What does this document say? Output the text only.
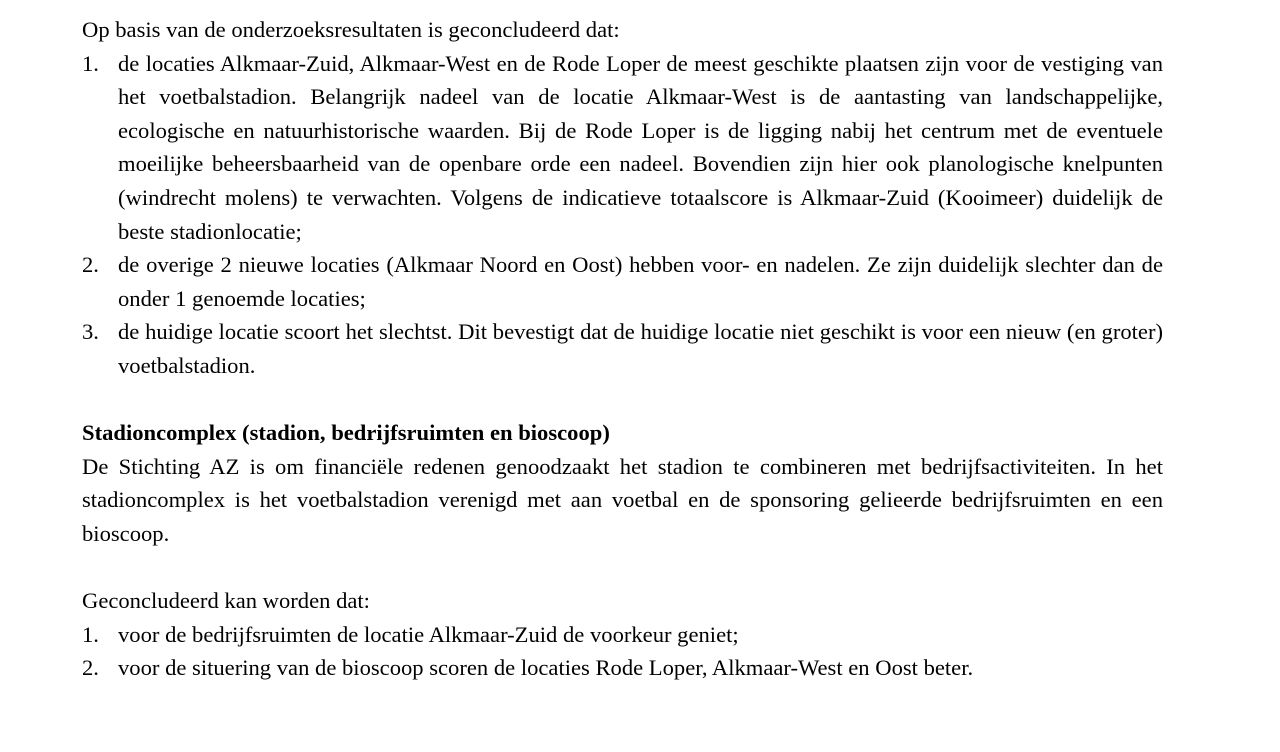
Op basis van de onderzoeksresultaten is geconcludeerd dat:

1. de locaties Alkmaar-Zuid, Alkmaar-West en de Rode Loper de meest geschikte plaatsen zijn voor de vestiging van het voetbalstadion. Belangrijk nadeel van de locatie Alkmaar-West is de aantasting van landschappelijke, ecologische en natuurhistorische waarden. Bij de Rode Loper is de ligging nabij het centrum met de eventuele moeilijke beheersbaarheid van de openbare orde een nadeel. Bovendien zijn hier ook planologische knelpunten (windrecht molens) te verwachten. Volgens de indicatieve totaalscore is Alkmaar-Zuid (Kooimeer) duidelijk de beste stadionlocatie;
2. de overige 2 nieuwe locaties (Alkmaar Noord en Oost) hebben voor- en nadelen. Ze zijn duidelijk slechter dan de onder 1 genoemde locaties;
3. de huidige locatie scoort het slechtst. Dit bevestigt dat de huidige locatie niet geschikt is voor een nieuw (en groter) voetbalstadion.

Stadioncomplex (stadion, bedrijfsruimten en bioscoop)

De Stichting AZ is om financiële redenen genoodzaakt het stadion te combineren met bedrijfsactiviteiten. In het stadioncomplex is het voetbalstadion verenigd met aan voetbal en de sponsoring gelieerde bedrijfsruimten en een bioscoop.

Geconcludeerd kan worden dat:

1. voor de bedrijfsruimten de locatie Alkmaar-Zuid de voorkeur geniet;
2. voor de situering van de bioscoop scoren de locaties Rode Loper, Alkmaar-West en Oost beter.
